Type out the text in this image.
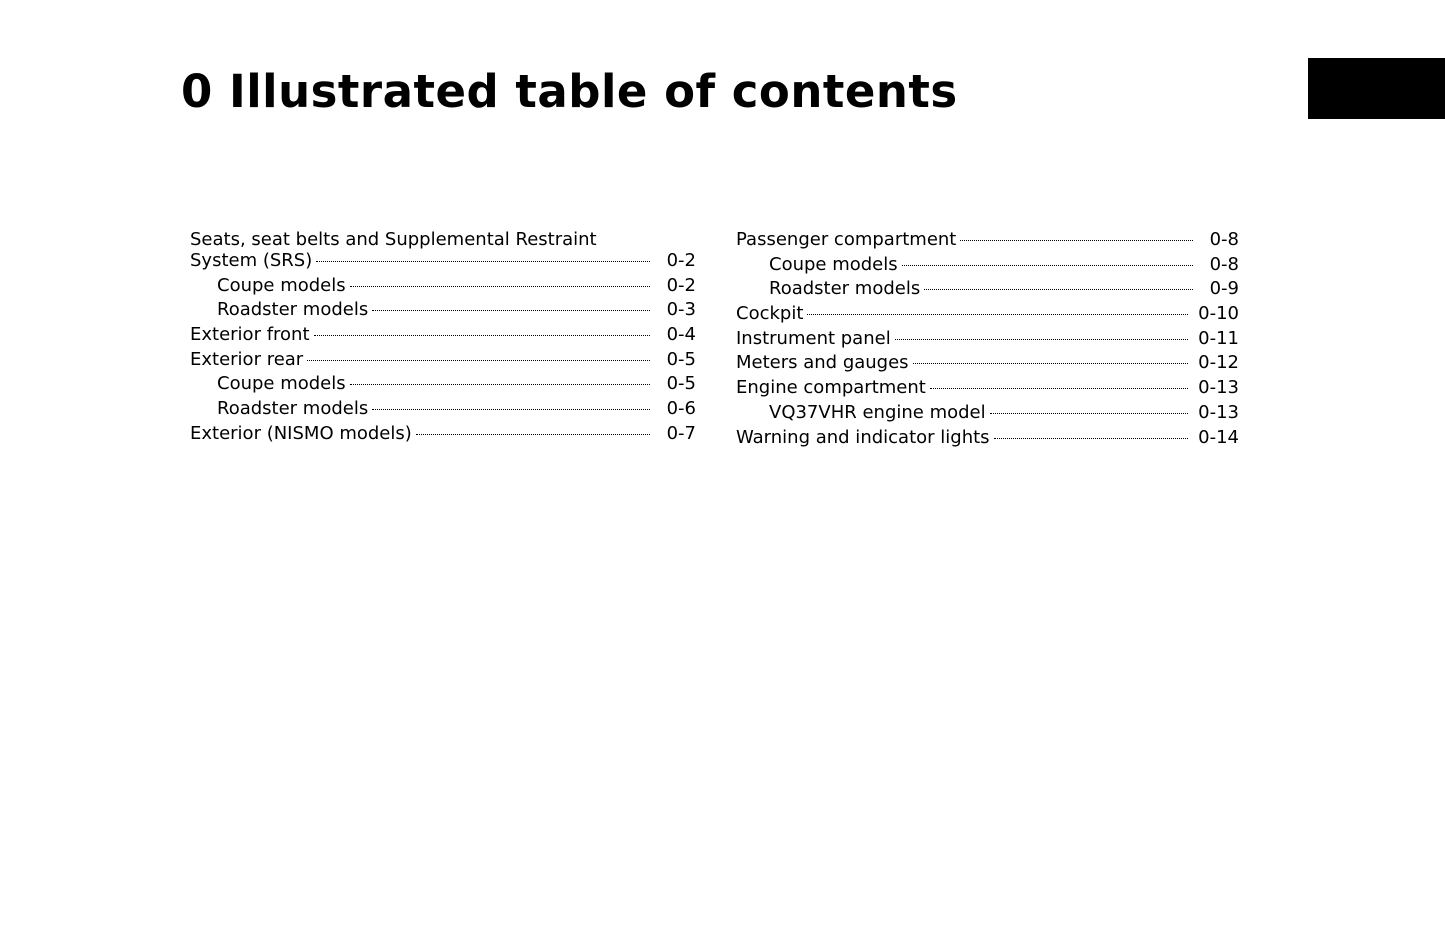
0 Illustrated table of contents
Seats, seat belts and Supplemental Restraint
System (SRS)	0-2
Coupe models	0-2
Roadster models	0-3
Exterior front	0-4
Exterior rear	0-5
Coupe models	0-5
Roadster models	0-6
Exterior (NISMO models)	0-7
Passenger compartment	0-8
Coupe models	0-8
Roadster models	0-9
Cockpit	0-10
Instrument panel	0-11
Meters and gauges	0-12
Engine compartment	0-13
VQ37VHR engine model	0-13
Warning and indicator lights	0-14
